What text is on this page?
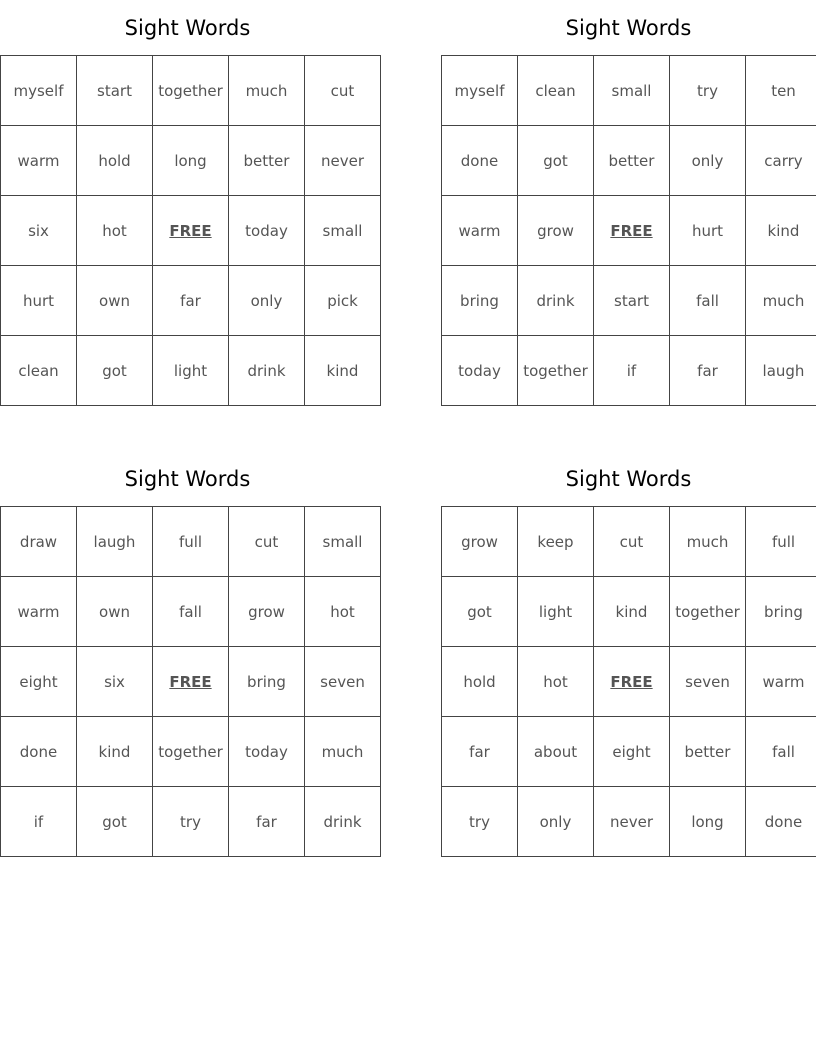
Sight Words
myself	start	together	much	cut
warm	hold	long	better	never
six	hot	FREE	today	small
hurt	own	far	only	pick
clean	got	light	drink	kind
Sight Words
myself	clean	small	try	ten
done	got	better	only	carry
warm	grow	FREE	hurt	kind
bring	drink	start	fall	much
today	together	if	far	laugh
Sight Words
draw	laugh	full	cut	small
warm	own	fall	grow	hot
eight	six	FREE	bring	seven
done	kind	together	today	much
if	got	try	far	drink
Sight Words
grow	keep	cut	much	full
got	light	kind	together	bring
hold	hot	FREE	seven	warm
far	about	eight	better	fall
try	only	never	long	done
